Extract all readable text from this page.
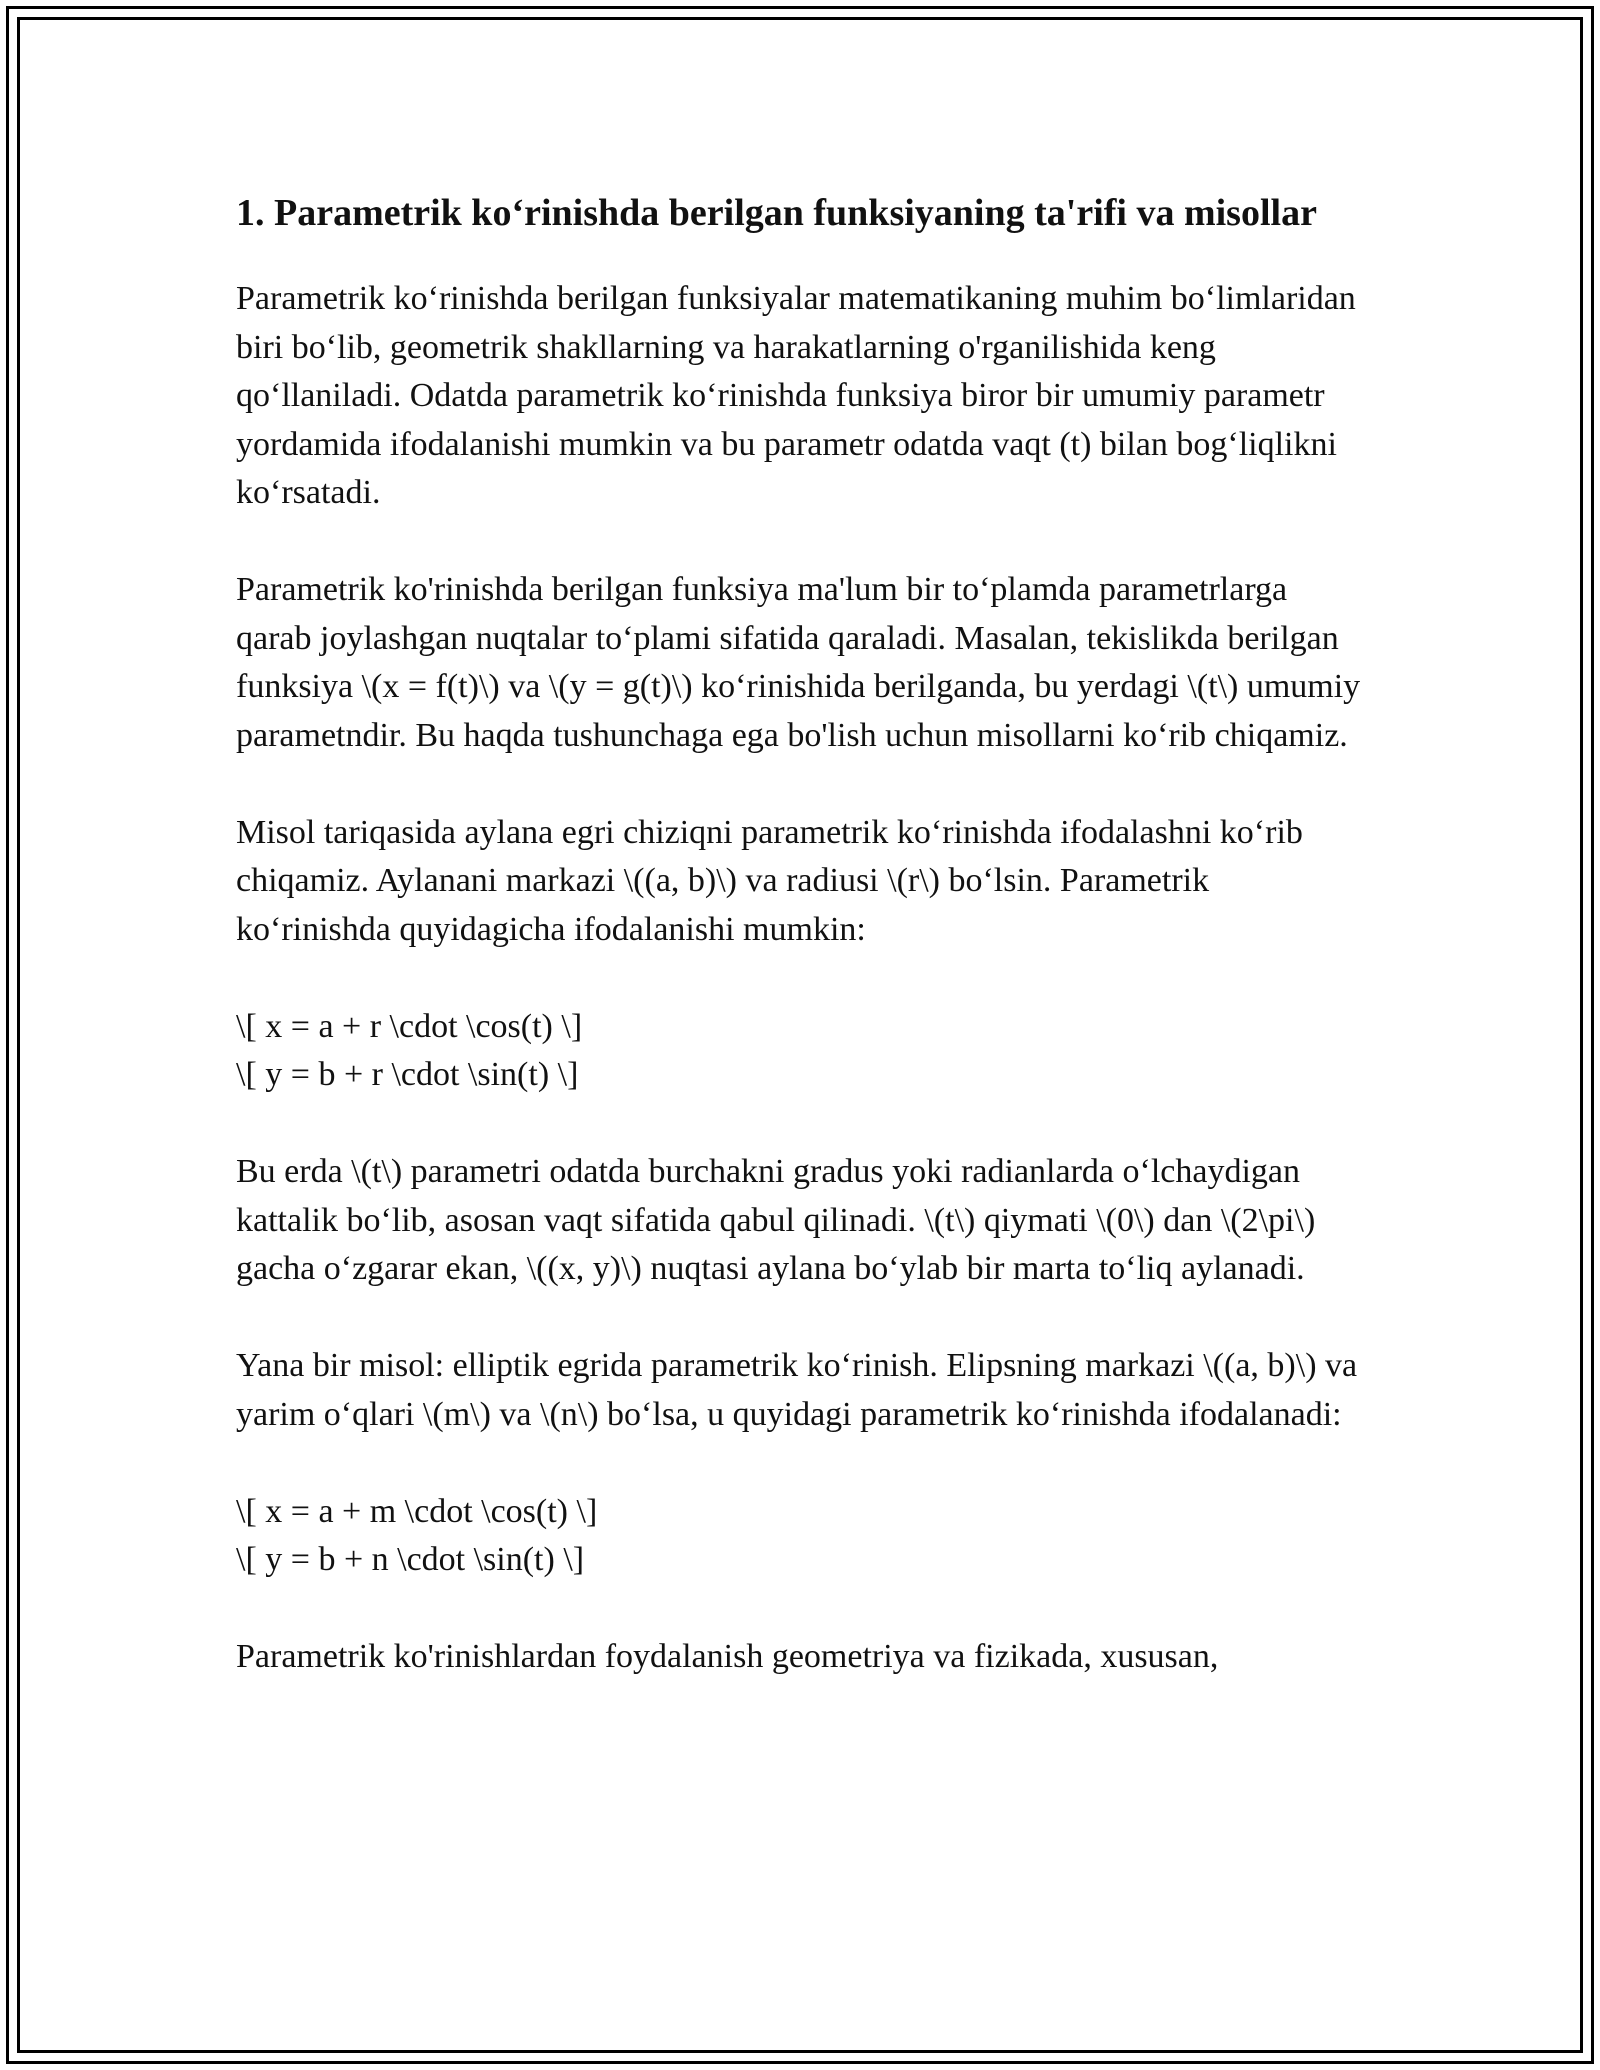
1. Parametrik ko‘rinishda berilgan funksiyaning ta'rifi va misollar

Parametrik ko‘rinishda berilgan funksiyalar matematikaning muhim bo‘limlaridan biri bo‘lib, geometrik shakllarning va harakatlarning o'rganilishida keng qo‘llaniladi. Odatda parametrik ko‘rinishda funksiya biror bir umumiy parametr yordamida ifodalanishi mumkin va bu parametr odatda vaqt (t) bilan bog‘liqlikni ko‘rsatadi.

Parametrik ko'rinishda berilgan funksiya ma'lum bir to‘plamda parametrlarga qarab joylashgan nuqtalar to‘plami sifatida qaraladi. Masalan, tekislikda berilgan funksiya \(x = f(t)\) va \(y = g(t)\) ko‘rinishida berilganda, bu yerdagi \(t\) umumiy parametndir. Bu haqda tushunchaga ega bo'lish uchun misollarni ko‘rib chiqamiz.

Misol tariqasida aylana egri chiziqni parametrik ko‘rinishda ifodalashni ko‘rib chiqamiz. Aylanani markazi \((a, b)\) va radiusi \(r\) bo‘lsin. Parametrik ko‘rinishda quyidagicha ifodalanishi mumkin:

\[ x = a + r \cdot \cos(t) \]
\[ y = b + r \cdot \sin(t) \]

Bu erda \(t\) parametri odatda burchakni gradus yoki radianlarda o‘lchaydigan kattalik bo‘lib, asosan vaqt sifatida qabul qilinadi. \(t\) qiymati \(0\) dan \(2\pi\) gacha o‘zgarar ekan, \((x, y)\) nuqtasi aylana bo‘ylab bir marta to‘liq aylanadi.

Yana bir misol: elliptik egrida parametrik ko‘rinish. Elipsning markazi \((a, b)\) va yarim o‘qlari \(m\) va \(n\) bo‘lsa, u quyidagi parametrik ko‘rinishda ifodalanadi:

\[ x = a + m \cdot \cos(t) \]
\[ y = b + n \cdot \sin(t) \]

Parametrik ko'rinishlardan foydalanish geometriya va fizikada, xususan,
